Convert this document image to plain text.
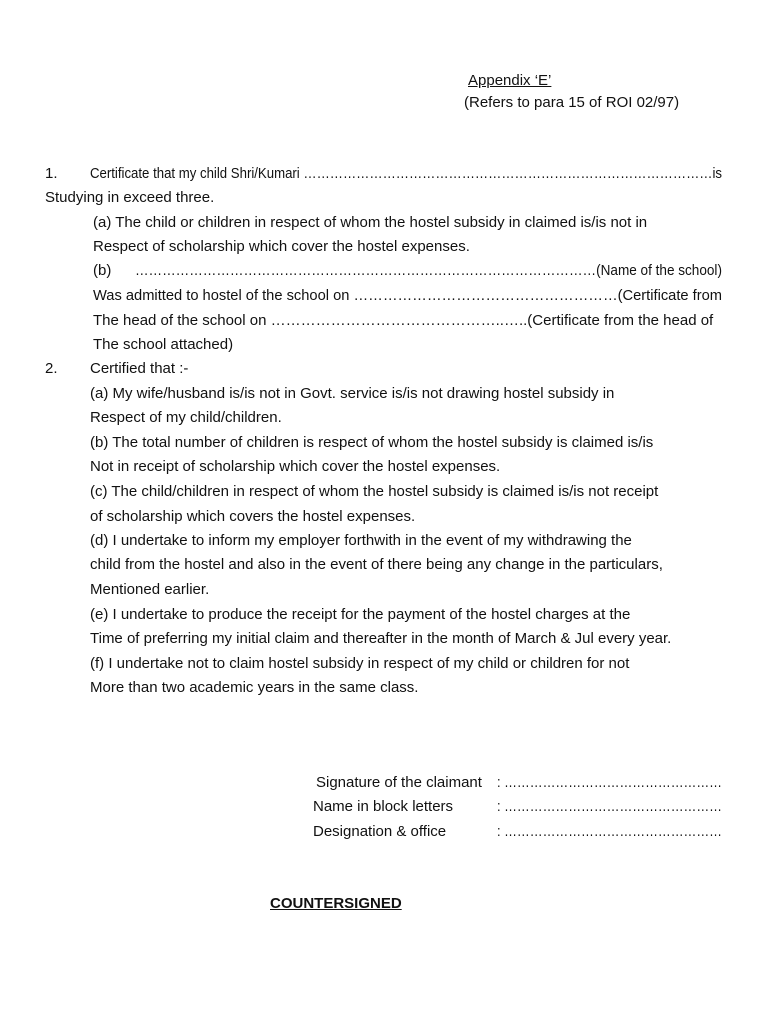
Appendix ‘E’
(Refers to para 15 of ROI 02/97)
1. Certificate that my child Shri/Kumari …………………………………………………………………………………is
Studying in exceed three.
(a) The child or children in respect of whom the hostel subsidy in claimed is/is not in
Respect of scholarship which cover the hostel expenses.
(b) …………………………………………………………………………………………(Name of the school)
Was admitted to hostel of the school on ………………………………………………(Certificate from
The head of the school on ………………………………………..…..(Certificate from the head of
The school attached)
2. Certified that :-
(a) My wife/husband is/is not in Govt. service is/is not drawing hostel subsidy in
Respect of my child/children.
(b) The total number of children is respect of whom the hostel subsidy is claimed is/is
Not in receipt of scholarship which cover the hostel expenses.
(c) The child/children in respect of whom the hostel subsidy is claimed is/is not receipt
of scholarship which covers the hostel expenses.
(d) I undertake to inform my employer forthwith in the event of my withdrawing the
child from the hostel and also in the event of there being any change in the particulars,
Mentioned earlier.
(e) I undertake to produce the receipt for the payment of the hostel charges at the
Time of preferring my initial claim and thereafter in the month of March & Jul every year.
(f) I undertake not to claim hostel subsidy in respect of my child or children for not
More than two academic years in the same class.
Signature of the claimant : ……………………………………………
Name in block letters	: ……………………………………………
Designation & office	: ……………………………………………
COUNTERSIGNED
